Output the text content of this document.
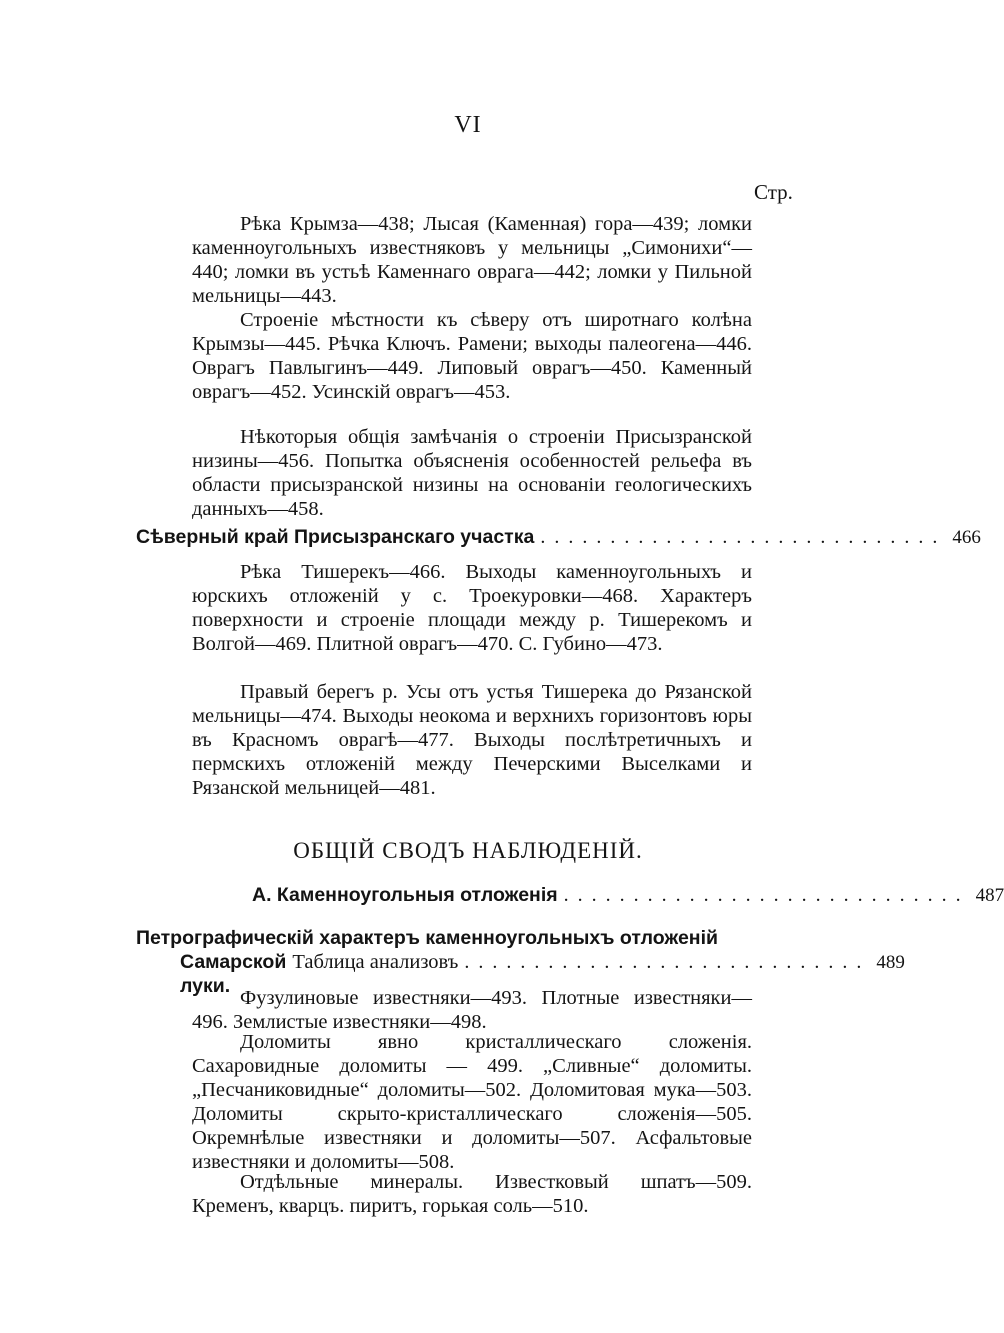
VI
Стр.

Рѣка Крымза—438; Лысая (Каменная) гора—439; ломки каменноугольныхъ известняковъ у мельницы „Симонихи“—440; ломки въ устьѣ Каменнаго оврага—442; ломки у Пильной мельницы—443.

Строеніе мѣстности къ сѣверу отъ широтнаго колѣна Крымзы—445. Рѣчка Ключъ. Рамени; выходы палеогена—446. Оврагъ Павлыгинъ—449. Липовый оврагъ—450. Каменный оврагъ—452. Усинскій оврагъ—453.

Нѣкоторыя общія замѣчанія о строеніи Присызранской низины—456. Попытка объясненія особенностей рельефа въ области присызранской низины на основаніи геологическихъ данныхъ—458.

Сѣверный край Присызранскаго участка ............................. 466

Рѣка Тишерекъ—466. Выходы каменноугольныхъ и юрскихъ отложеній у с. Троекуровки—468. Характеръ поверхности и строеніе площади между р. Тишерекомъ и Волгой—469. Плитной оврагъ—470. С. Губино—473.

Правый берегъ р. Усы отъ устья Тишерека до Рязанской мельницы—474. Выходы неокома и верхнихъ горизонтовъ юры въ Красномъ оврагѣ—477. Выходы послѣтретичныхъ и пермскихъ отложеній между Печерскими Выселками и Рязанской мельницей—481.

ОБЩІЙ СВОДЪ НАБЛЮДЕНІЙ.
А. Каменноугольныя отложенія ............................. 487
Петрографическій характеръ каменноугольныхъ отложеній
Самарской луки.
Таблица анализовъ ............................. 489

Фузулиновые известняки—493. Плотные известняки—496. Землистые известняки—498.

Доломиты явно кристаллическаго сложенія. Сахаровидные доломиты — 499. „Сливные“ доломиты. „Песчаниковидные“ доломиты—502. Доломитовая мука—503. Доломиты скрыто-кристаллическаго сложенія—505. Окремнѣлые известняки и доломиты—507. Асфальтовые известняки и доломиты—508.

Отдѣльные минералы. Известковый шпатъ—509. Кременъ, кварцъ. пиритъ, горькая соль—510.
